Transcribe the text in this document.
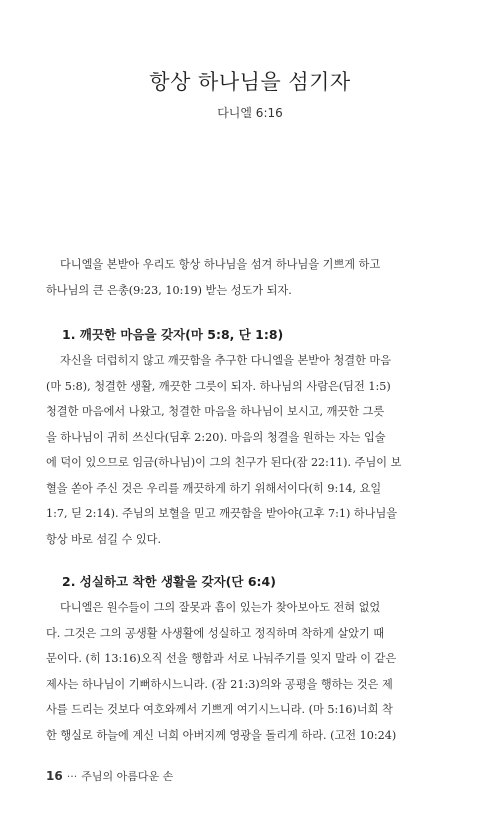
항상 하나님을 섬기자
다니엘 6:16
다니엘을 본받아 우리도 항상 하나님을 섬겨 하나님을 기쁘게 하고
하나님의 큰 은총(9:23, 10:19) 받는 성도가 되자.
1. 깨끗한 마음을 갖자(마 5:8, 단 1:8)
자신을 더럽히지 않고 깨끗함을 추구한 다니엘을 본받아 청결한 마음
(마 5:8), 청결한 생활, 깨끗한 그릇이 되자. 하나님의 사람은(딤전 1:5)
청결한 마음에서 나왔고, 청결한 마음을 하나님이 보시고, 깨끗한 그릇
을 하나님이 귀히 쓰신다(딤후 2:20). 마음의 청결을 원하는 자는 입술
에 덕이 있으므로 임금(하나님)이 그의 친구가 된다(잠 22:11). 주님이 보
혈을 쏟아 주신 것은 우리를 깨끗하게 하기 위해서이다(히 9:14, 요일
1:7, 딛 2:14). 주님의 보혈을 믿고 깨끗함을 받아야(고후 7:1) 하나님을
항상 바로 섬길 수 있다.
2. 성실하고 착한 생활을 갖자(단 6:4)
다니엘은 원수들이 그의 잘못과 흠이 있는가 찾아보아도 전혀 없었
다. 그것은 그의 공생활 사생활에 성실하고 정직하며 착하게 살았기 때
문이다. (히 13:16)오직 선을 행함과 서로 나눠주기를 잊지 말라 이 같은
제사는 하나님이 기뻐하시느니라. (잠 21:3)의와 공평을 행하는 것은 제
사를 드리는 것보다 여호와께서 기쁘게 여기시느니라. (마 5:16)너희 착
한 행실로 하늘에 계신 너희 아버지께 영광을 돌리게 하라. (고전 10:24)
16 ··· 주님의 아름다운 손
